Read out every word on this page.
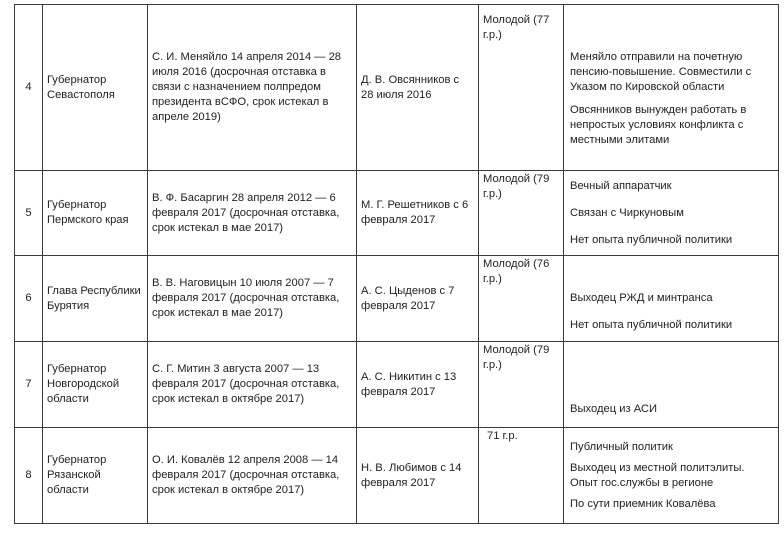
4	Губернатор Севастополя	С. И. Меняйло 14 апреля 2014 — 28 июля 2016 (досрочная отставка в связи с назначением полпредом президента вСФО, срок истекал в апреле 2019)	Д. В. Овсянников с 28 июля 2016	Молодой (77 г.р.)	Меняйло отправили на почетную пенсию-повышение. Совместили с Указом по Кировской области

Овсянников вынужден работать в непростых условиях конфликта с местными элитами

5	Губернатор Пермского края	В. Ф. Басаргин 28 апреля 2012 — 6 февраля 2017 (досрочная отставка, срок истекал в мае 2017)	М. Г. Решетников с 6 февраля 2017	Молодой (79 г.р.)	Вечный аппаратчик

Связан с Чиркуновым

Нет опыта публичной политики

6	Глава Республики Бурятия	В. В. Наговицын 10 июля 2007 — 7 февраля 2017 (досрочная отставка, срок истекал в мае 2017)	А. С. Цыденов с 7 февраля 2017	Молодой (76 г.р.)	Выходец РЖД и минтранса

Нет опыта публичной политики

7	Губернатор Новгородской области	С. Г. Митин 3 августа 2007 — 13 февраля 2017 (досрочная отставка, срок истекал в октябре 2017)	А. С. Никитин с 13 февраля 2017	Молодой (79 г.р.)	Выходец из АСИ

8	Губернатор Рязанской области	О. И. Ковалёв 12 апреля 2008 — 14 февраля 2017 (досрочная отставка, срок истекал в октябре 2017)	Н. В. Любимов с 14 февраля 2017	71 г.р.	Публичный политик

Выходец из местной политэлиты. Опыт гос.службы в регионе

По сути приемник Ковалёва
